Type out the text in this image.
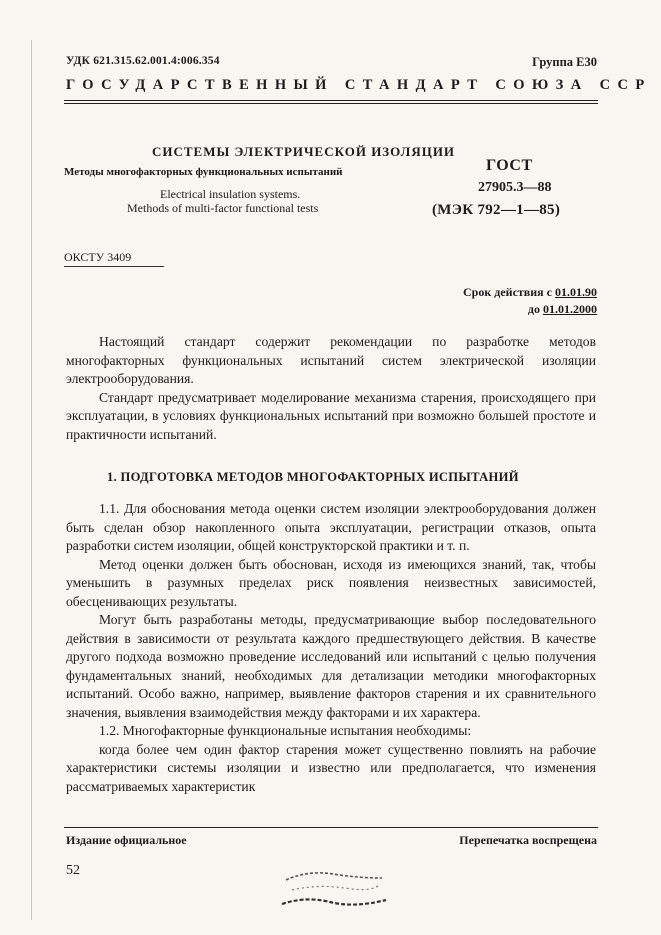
УДК 621.315.62.001.4:006.354	Группа Е30
ГОСУДАРСТВЕННЫЙ СТАНДАРТ СОЮЗА ССР
СИСТЕМЫ ЭЛЕКТРИЧЕСКОЙ ИЗОЛЯЦИИ
Методы многофакторных функциональных испытаний
Electrical insulation systems.
Methods of multi-factor functional tests
ГОСТ
27905.3—88
(МЭК 792—1—85)
ОКСТУ 3409
Срок действия с 01.01.90
до 01.01.2000

Настоящий стандарт содержит рекомендации по разработке методов многофакторных функциональных испытаний систем электрической изоляции электрооборудования.

Стандарт предусматривает моделирование механизма старения, происходящего при эксплуатации, в условиях функциональных испытаний при возможно большей простоте и практичности испытаний.

1. ПОДГОТОВКА МЕТОДОВ МНОГОФАКТОРНЫХ ИСПЫТАНИЙ

1.1. Для обоснования метода оценки систем изоляции электрооборудования должен быть сделан обзор накопленного опыта эксплуатации, регистрации отказов, опыта разработки систем изоляции, общей конструкторской практики и т. п.

Метод оценки должен быть обоснован, исходя из имеющихся знаний, так, чтобы уменьшить в разумных пределах риск появления неизвестных зависимостей, обесценивающих результаты.

Могут быть разработаны методы, предусматривающие выбор последовательного действия в зависимости от результата каждого предшествующего действия. В качестве другого подхода возможно проведение исследований или испытаний с целью получения фундаментальных знаний, необходимых для детализации методики многофакторных испытаний. Особо важно, например, выявление факторов старения и их сравнительного значения, выявления взаимодействия между факторами и их характера.

1.2. Многофакторные функциональные испытания необходимы:

когда более чем один фактор старения может существенно повлиять на рабочие характеристики системы изоляции и известно или предполагается, что изменения рассматриваемых характеристик

Издание официальное	Перепечатка воспрещена
52
